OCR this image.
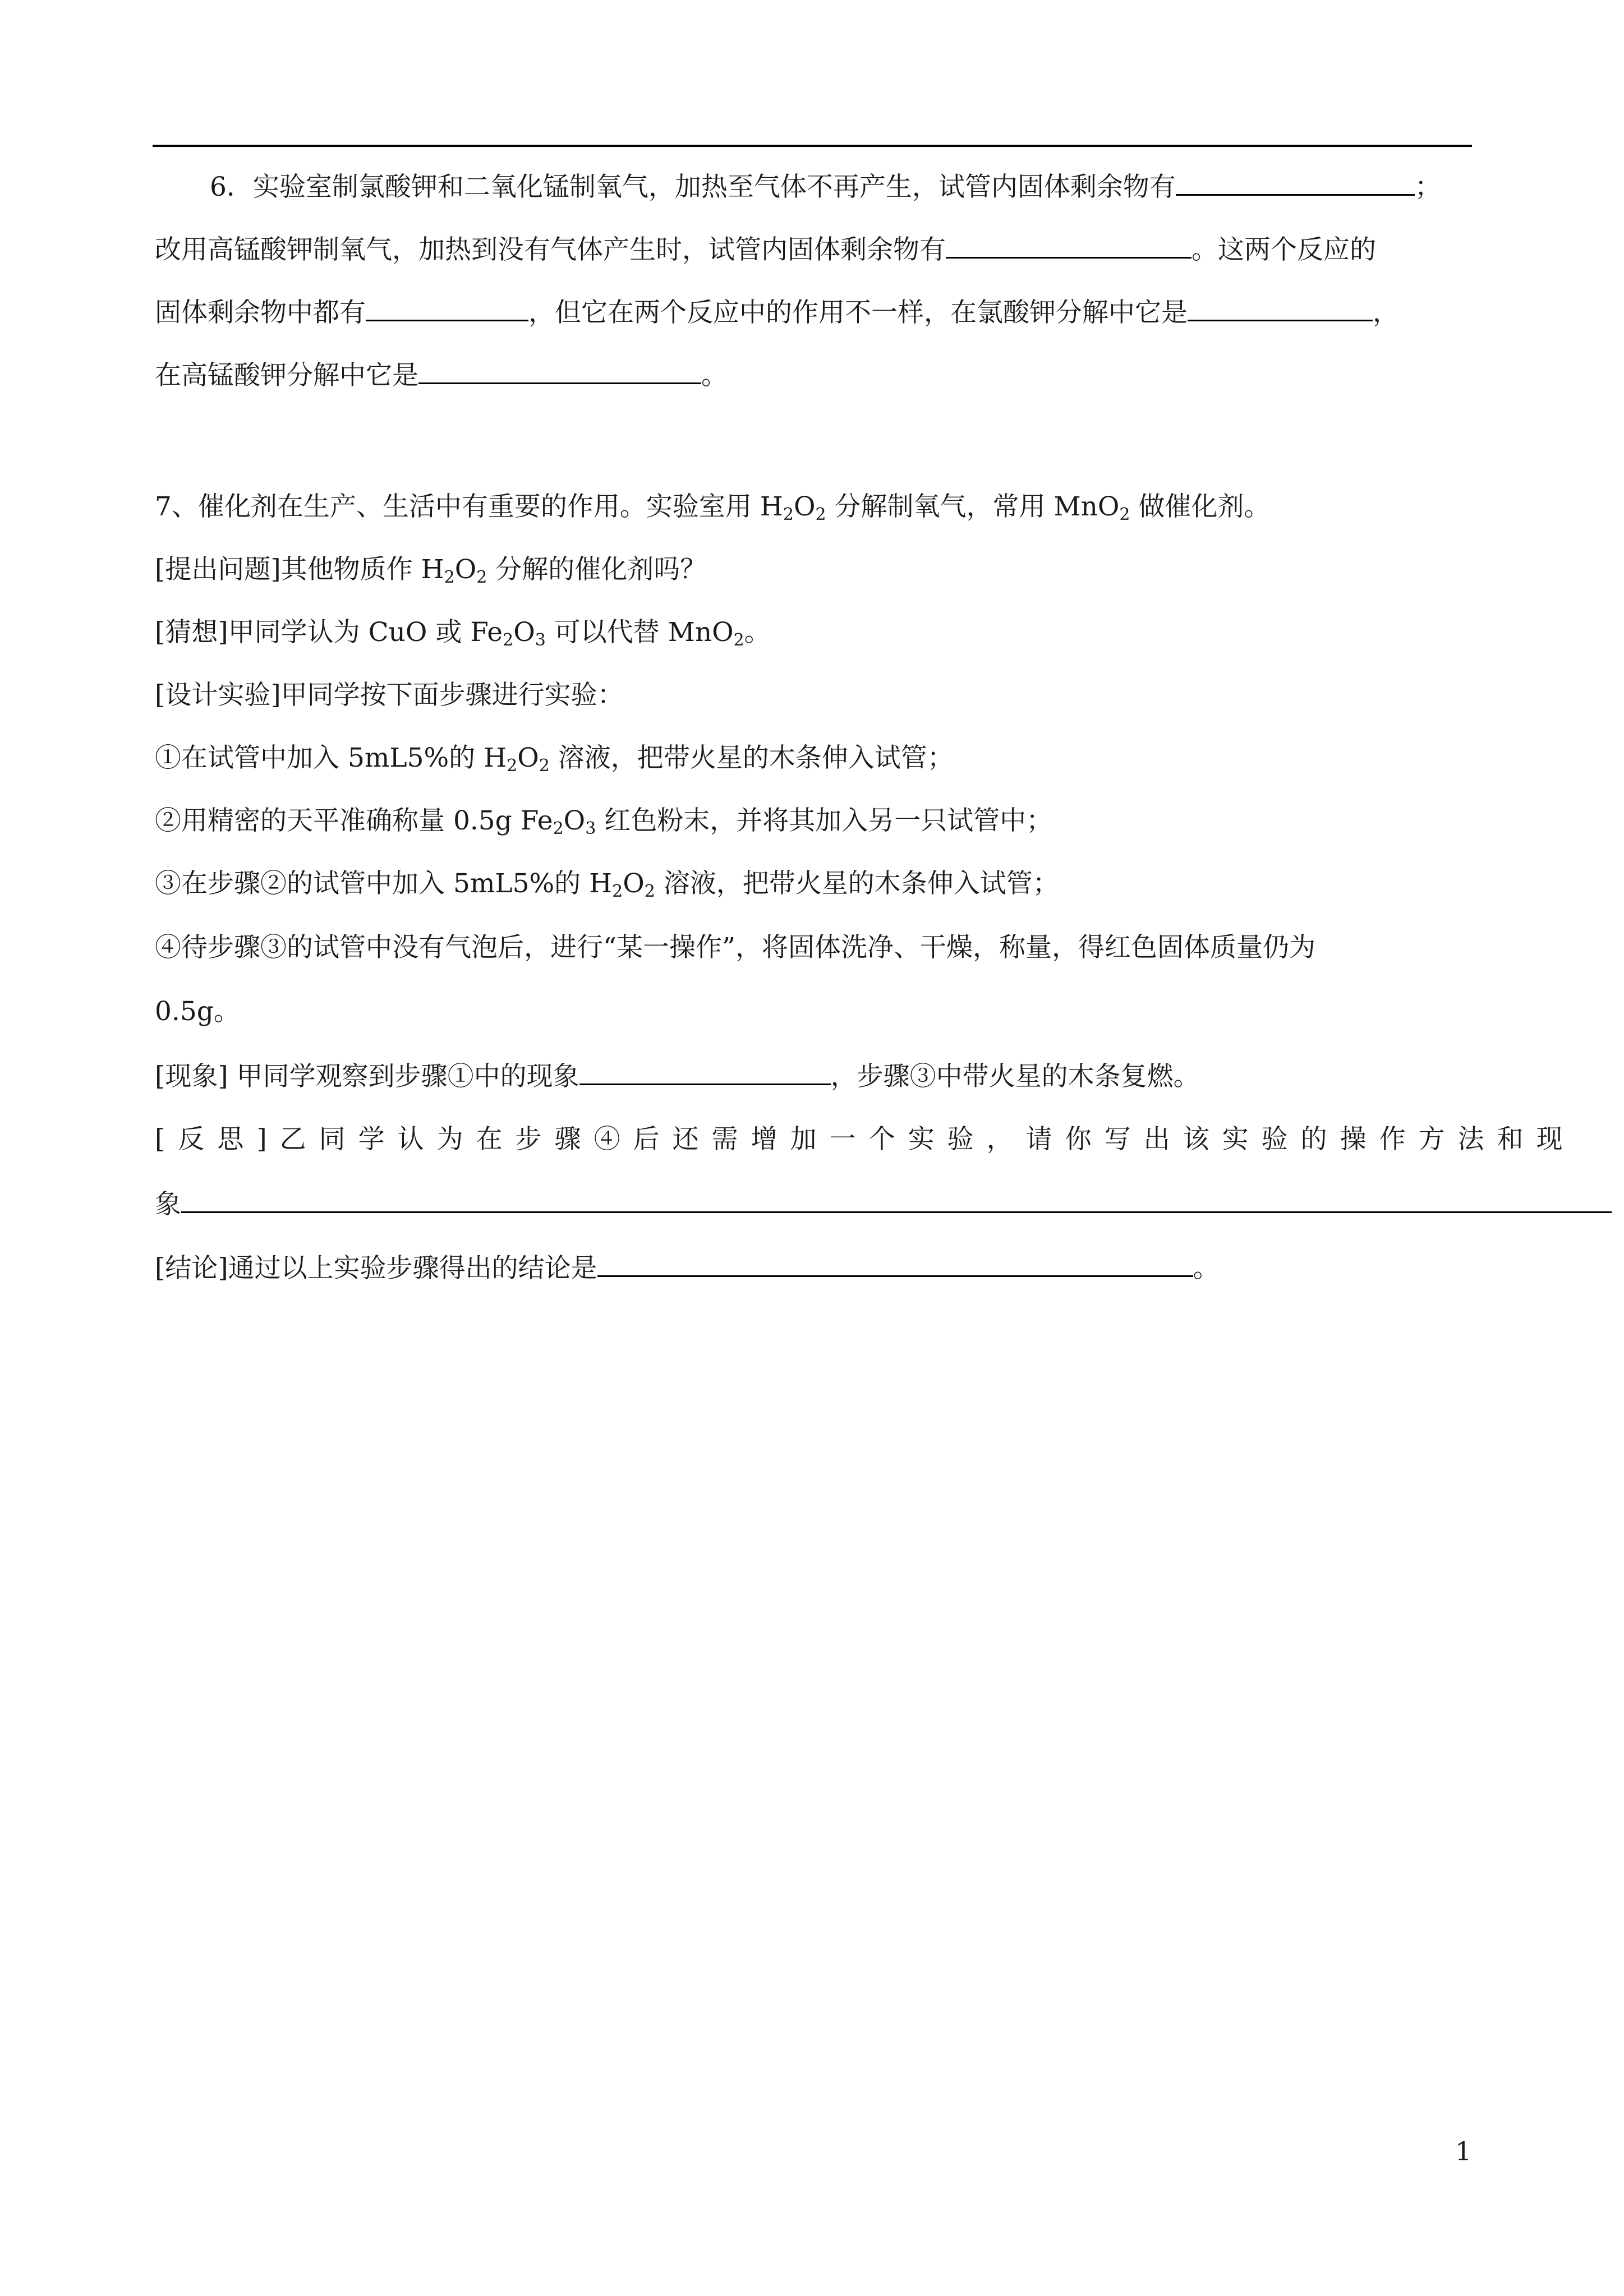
6．实验室制氯酸钾和二氧化锰制氧气，加热至气体不再产生，试管内固体剩余物有	；
改用高锰酸钾制氧气，加热到没有气体产生时，试管内固体剩余物有	。这两个反应的
固体剩余物中都有	，但它在两个反应中的作用不一样，在氯酸钾分解中它是	，
在高锰酸钾分解中它是	。
7、催化剂在生产、生活中有重要的作用。实验室用 $H_2O_2$ 分解制氧气，常用 MnO$_2$ 做催化剂。
[提出问题]其他物质作 $H_2O_2$ 分解的催化剂吗？
[猜想]甲同学认为 CuO 或 $Fe_2O_3$ 可以代替 MnO$_2$。
[设计实验]甲同学按下面步骤进行实验：
①在试管中加入 5mL5%的 $H_2O_2$ 溶液，把带火星的木条伸入试管；
②用精密的天平准确称量 0.5g $Fe_2O_3$ 红色粉末，并将其加入另一只试管中；
③在步骤②的试管中加入 5mL5%的 $H_2O_2$ 溶液，把带火星的木条伸入试管；
④待步骤③的试管中没有气泡后，进行“某一操作”，将固体洗净、干燥，称量，得红色固体质量仍为
0.5g。
[现象] 甲同学观察到步骤①中的现象	，步骤③中带火星的木条复燃。
[反思]乙同学认为在步骤④后还需增加一个实验，请你写出该实验的操作方法和现
象
[结论]通过以上实验步骤得出的结论是	。
1
